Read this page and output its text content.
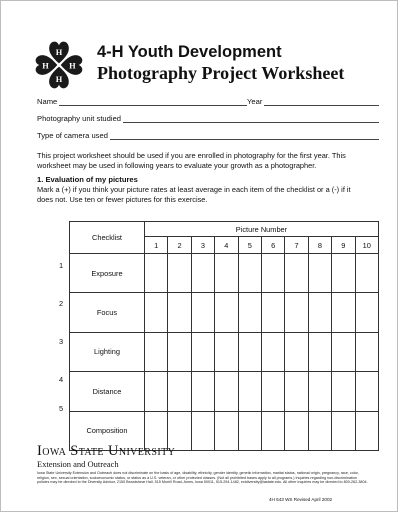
H
H
H H
4-H Youth Development
Photography Project Worksheet
Name	Year
Photography unit studied
Type of camera used
This project worksheet should be used if you are enrolled in photography for the first year. This worksheet may be used in following years to evaluate your growth as a photographer.
1. Evaluation of my pictures
Mark a (+) if you think your picture rates at least average in each item of the checklist or a (-) if it does not. Use ten or fewer pictures for this exercise.
Checklist	Picture Number									
	1	2	3	4	5	6	7	8	9	10
Exposure										
Focus										
Lighting										
Distance										
Composition										
1
2
3
4
5
Iowa State University
Extension and Outreach
Iowa State University Extension and Outreach does not discriminate on the basis of age, disability, ethnicity, gender identity, genetic information, marital status, national origin, pregnancy, race, color, religion, sex, sexual orientation, socioeconomic status, or status as a U.S. veteran, or other protected classes. (Not all prohibited bases apply to all programs.) Inquiries regarding non-discrimination policies may be directed to the Diversity Advisor, 2150 Beardshear Hall, 515 Morrill Road, Ames, Iowa 50011, 515-294-1482, extdiversity@iastate.edu. All other inquiries may be directed to 800-262-3804.
4H 643 WS Revised April 2002
